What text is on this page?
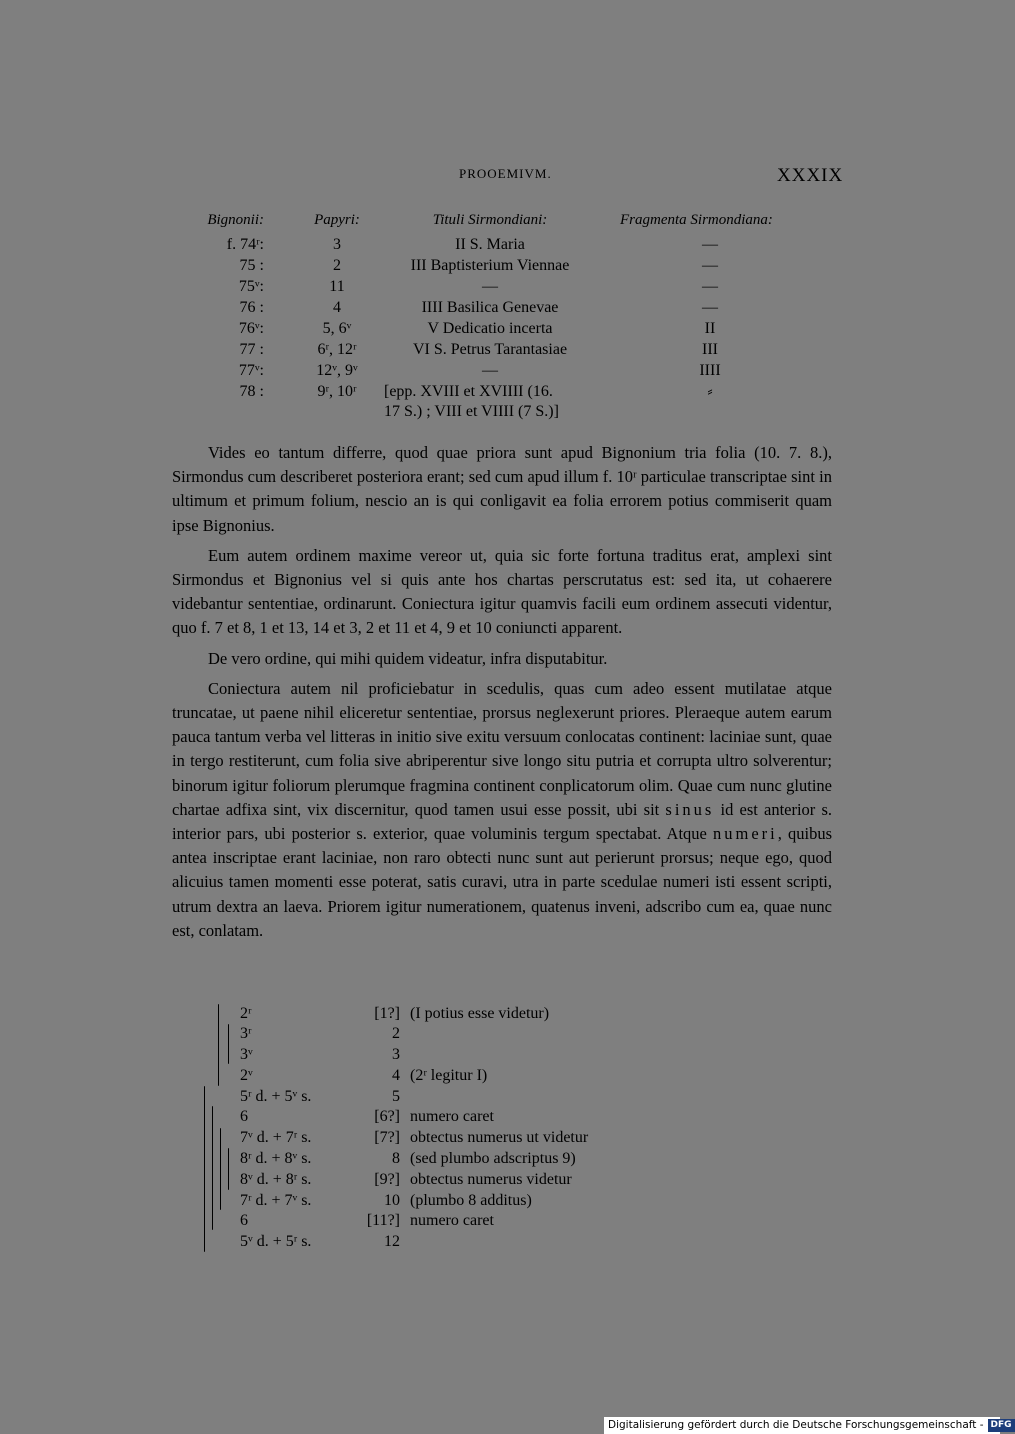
PROOEMIVM.	XXXIX
Bignonii:	Papyri:	Tituli Sirmondiani:	Fragmenta Sirmondiana:
f. 74ʳ:	3	II S. Maria	—
75 :	2	III Baptisterium Viennae	—
75ᵛ:	11	—	—
76 :	4	IIII Basilica Genevae	—
76ᵛ:	5, 6ᵛ	V Dedicatio incerta	II
77 :	6ʳ, 12ʳ	VI S. Petrus Tarantasiae	III
77ᵛ:	12ᵛ, 9ᵛ	—	IIII
78 :	9ʳ, 10ʳ	[epp. XVIII et XVIIII (16.	⸗
17 S.) ; VIII et VIIII (7 S.)]

Vides eo tantum differre, quod quae priora sunt apud Bignonium tria folia (10. 7. 8.), Sirmondus cum describeret posteriora erant; sed cum apud illum f. 10ʳ particulae transcriptae sint in ultimum et primum folium, nescio an is qui conligavit ea folia errorem potius commiserit quam ipse Bignonius.

Eum autem ordinem maxime vereor ut, quia sic forte fortuna traditus erat, amplexi sint Sirmondus et Bignonius vel si quis ante hos chartas perscrutatus est: sed ita, ut cohaerere videbantur sententiae, ordinarunt. Coniectura igitur quamvis facili eum ordinem assecuti videntur, quo f. 7 et 8, 1 et 13, 14 et 3, 2 et 11 et 4, 9 et 10 coniuncti apparent.

De vero ordine, qui mihi quidem videatur, infra disputabitur.

Coniectura autem nil proficiebatur in scedulis, quas cum adeo essent mutilatae atque truncatae, ut paene nihil eliceretur sententiae, prorsus neglexerunt priores. Pleraeque autem earum pauca tantum verba vel litteras in initio sive exitu versuum conlocatas continent: laciniae sunt, quae in tergo restiterunt, cum folia sive abriperentur sive longo situ putria et corrupta ultro solverentur; binorum igitur foliorum plerumque fragmina continent conplicatorum olim. Quae cum nunc glutine chartae adfixa sint, vix discernitur, quod tamen usui esse possit, ubi sit sinus id est anterior s. interior pars, ubi posterior s. exterior, quae voluminis tergum spectabat. Atque numeri, quibus antea inscriptae erant laciniae, non raro obtecti nunc sunt aut perierunt prorsus; neque ego, quod alicuius tamen momenti esse poterat, satis curavi, utra in parte scedulae numeri isti essent scripti, utrum dextra an laeva. Priorem igitur numerationem, quatenus inveni, adscribo cum ea, quae nunc est, conlatam.

2ʳ	[1?] (I potius esse videtur)
3ʳ	2
3ᵛ	3
2ᵛ	4 (2ʳ legitur I)
5ʳ d. + 5ᵛ s.	5
6	[6?] numero caret
7ᵛ d. + 7ʳ s.	[7?] obtectus numerus ut videtur
8ʳ d. + 8ᵛ s.	8 (sed plumbo adscriptus 9)
8ᵛ d. + 8ʳ s.	[9?] obtectus numerus videtur
7ʳ d. + 7ᵛ s.	10 (plumbo 8 additus)
6	[11?] numero caret
5ᵛ d. + 5ʳ s.	12
Digitalisierung gefördert durch die Deutsche Forschungsgemeinschaft - DFG
